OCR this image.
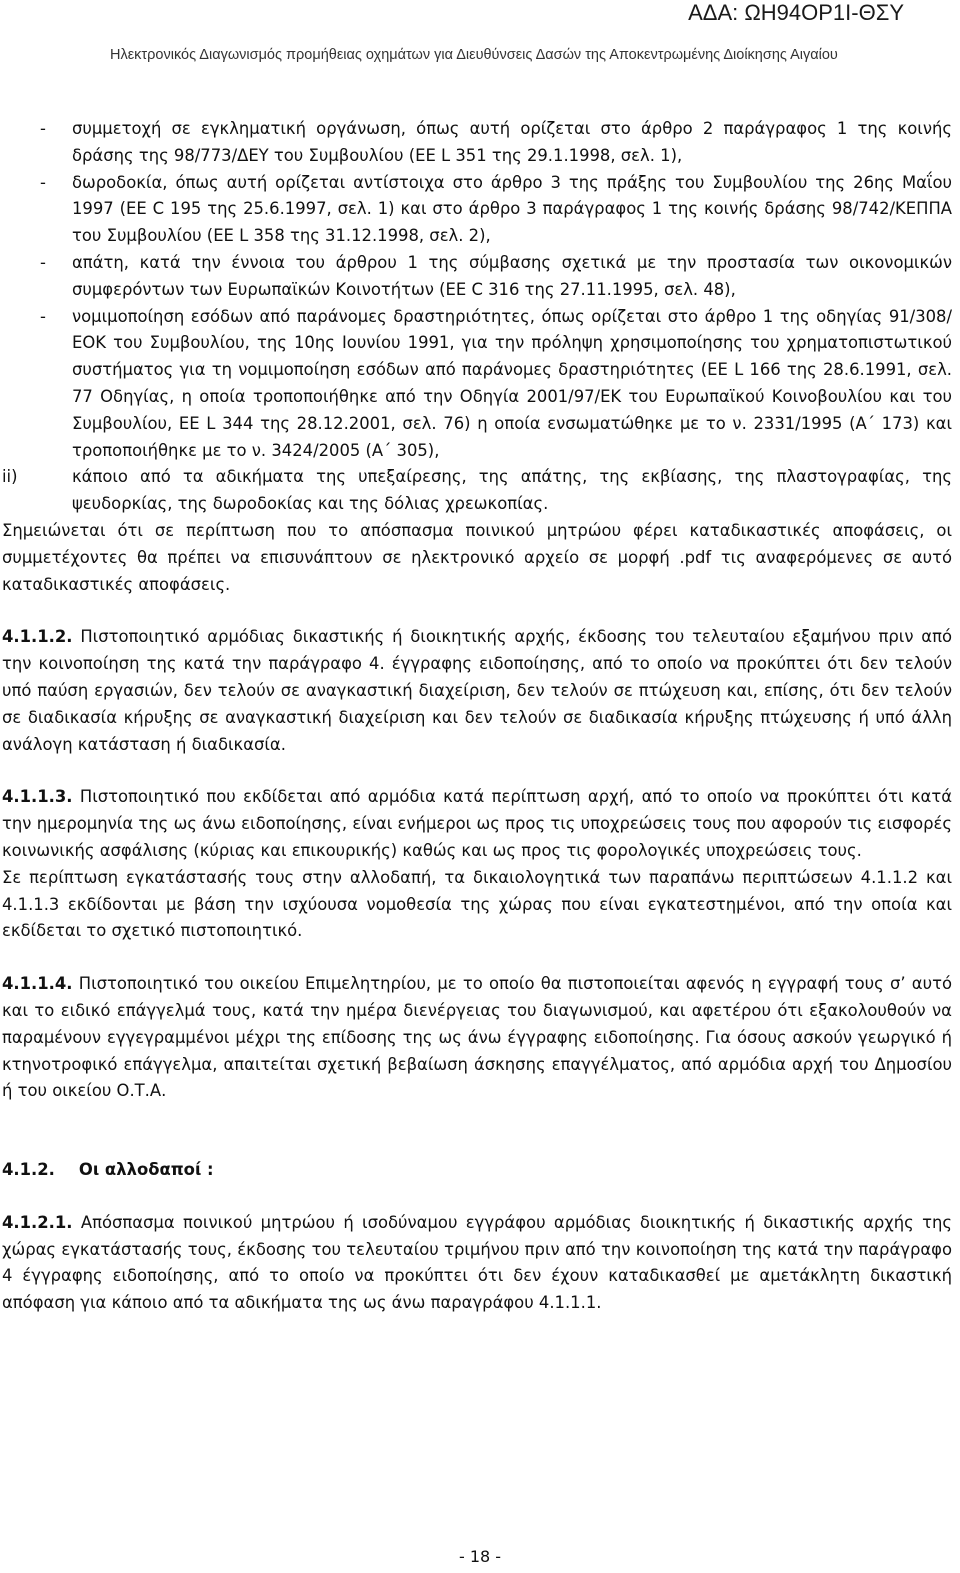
ΑΔΑ: ΩΗ94ΟΡ1Ι-ΘΣΥ
Ηλεκτρονικός Διαγωνισμός προμήθειας οχημάτων για Διευθύνσεις Δασών της Αποκεντρωμένης Διοίκησης Αιγαίου

- συμμετοχή σε εγκληματική οργάνωση, όπως αυτή ορίζεται στο άρθρο 2 παράγραφος 1 της κοινής δράσης της 98/773/ΔΕΥ του Συμβουλίου (ΕΕ L 351 της 29.1.1998, σελ. 1),

- δωροδοκία, όπως αυτή ορίζεται αντίστοιχα στο άρθρο 3 της πράξης του Συμβουλίου της 26ης Μαΐου 1997 (ΕΕ C 195 της 25.6.1997, σελ. 1) και στο άρθρο 3 παράγραφος 1 της κοινής δράσης 98/742/ΚΕΠΠΑ του Συμβουλίου (ΕΕ L 358 της 31.12.1998, σελ. 2),

- απάτη, κατά την έννοια του άρθρου 1 της σύμβασης σχετικά με την προστασία των οικονομικών συμφερόντων των Ευρωπαϊκών Κοινοτήτων (ΕΕ C 316 της 27.11.1995, σελ. 48),

- νομιμοποίηση εσόδων από παράνομες δραστηριότητες, όπως ορίζεται στο άρθρο 1 της οδηγίας 91/308/ΕΟΚ του Συμβουλίου, της 10ης Ιουνίου 1991, για την πρόληψη χρησιμοποίησης του χρηματοπιστωτικού συστήματος για τη νομιμοποίηση εσόδων από παράνομες δραστηριότητες (ΕΕ L 166 της 28.6.1991, σελ. 77 Οδηγίας, η οποία τροποποιήθηκε από την Οδηγία 2001/97/ΕΚ του Ευρωπαϊκού Κοινοβουλίου και του Συμβουλίου, ΕΕ L 344 της 28.12.2001, σελ. 76) η οποία ενσωματώθηκε με το ν. 2331/1995 (Α΄ 173) και τροποποιήθηκε με το ν. 3424/2005 (Α΄ 305),

ii)	κάποιο από τα αδικήματα της υπεξαίρεσης, της απάτης, της εκβίασης, της πλαστογραφίας, της ψευδορκίας, της δωροδοκίας και της δόλιας χρεωκοπίας.

Σημειώνεται ότι σε περίπτωση που το απόσπασμα ποινικού μητρώου φέρει καταδικαστικές αποφάσεις, οι συμμετέχοντες θα πρέπει να επισυνάπτουν σε ηλεκτρονικό αρχείο σε μορφή .pdf τις αναφερόμενες σε αυτό καταδικαστικές αποφάσεις.

4.1.1.2. Πιστοποιητικό αρμόδιας δικαστικής ή διοικητικής αρχής, έκδοσης του τελευταίου εξαμήνου πριν από την κοινοποίηση της κατά την παράγραφο 4. έγγραφης ειδοποίησης, από το οποίο να προκύπτει ότι δεν τελούν υπό παύση εργασιών, δεν τελούν σε αναγκαστική διαχείριση, δεν τελούν σε πτώχευση και, επίσης, ότι δεν τελούν σε διαδικασία κήρυξης σε αναγκαστική διαχείριση και δεν τελούν σε διαδικασία κήρυξης πτώχευσης ή υπό άλλη ανάλογη κατάσταση ή διαδικασία.

4.1.1.3. Πιστοποιητικό που εκδίδεται από αρμόδια κατά περίπτωση αρχή, από το οποίο να προκύπτει ότι κατά την ημερομηνία της ως άνω ειδοποίησης, είναι ενήμεροι ως προς τις υποχρεώσεις τους που αφορούν τις εισφορές κοινωνικής ασφάλισης (κύριας και επικουρικής) καθώς και ως προς τις φορολογικές υποχρεώσεις τους.

Σε περίπτωση εγκατάστασής τους στην αλλοδαπή, τα δικαιολογητικά των παραπάνω περιπτώσεων 4.1.1.2 και 4.1.1.3 εκδίδονται με βάση την ισχύουσα νομοθεσία της χώρας που είναι εγκατεστημένοι, από την οποία και εκδίδεται το σχετικό πιστοποιητικό.

4.1.1.4. Πιστοποιητικό του οικείου Επιμελητηρίου, με το οποίο θα πιστοποιείται αφενός η εγγραφή τους σ’ αυτό και το ειδικό επάγγελμά τους, κατά την ημέρα διενέργειας του διαγωνισμού, και αφετέρου ότι εξακολουθούν να παραμένουν εγγεγραμμένοι μέχρι της επίδοσης της ως άνω έγγραφης ειδοποίησης. Για όσους ασκούν γεωργικό ή κτηνοτροφικό επάγγελμα, απαιτείται σχετική βεβαίωση άσκησης επαγγέλματος, από αρμόδια αρχή του Δημοσίου ή του οικείου Ο.Τ.Α.

4.1.2. Οι αλλοδαποί :

4.1.2.1. Απόσπασμα ποινικού μητρώου ή ισοδύναμου εγγράφου αρμόδιας διοικητικής ή δικαστικής αρχής της χώρας εγκατάστασής τους, έκδοσης του τελευταίου τριμήνου πριν από την κοινοποίηση της κατά την παράγραφο 4 έγγραφης ειδοποίησης, από το οποίο να προκύπτει ότι δεν έχουν καταδικασθεί με αμετάκλητη δικαστική απόφαση για κάποιο από τα αδικήματα της ως άνω παραγράφου 4.1.1.1.

- 18 -
